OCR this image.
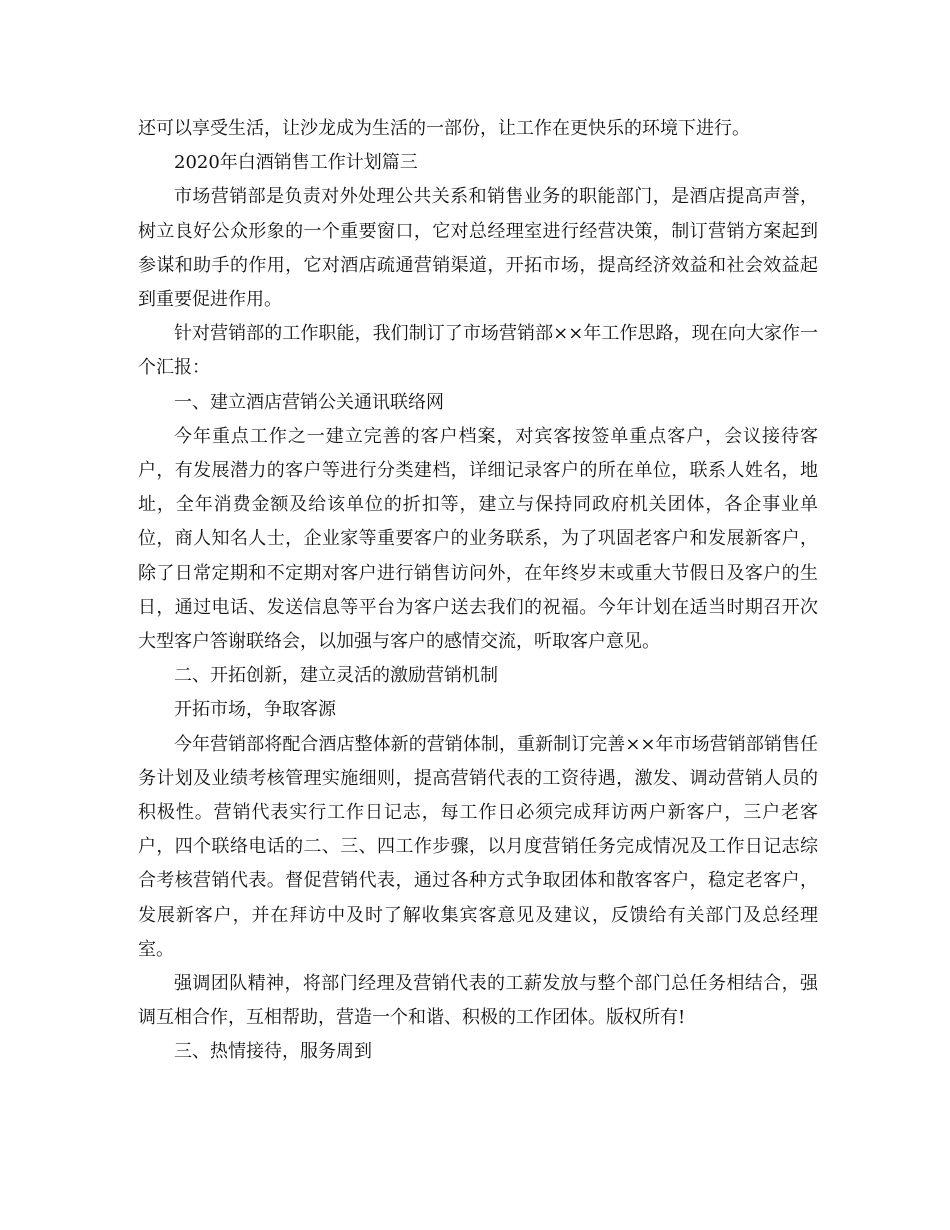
还可以享受生活，让沙龙成为生活的一部份，让工作在更快乐的环境下进行。

2020年白酒销售工作计划篇三

市场营销部是负责对外处理公共关系和销售业务的职能部门，是酒店提高声誉，树立良好公众形象的一个重要窗口，它对总经理室进行经营决策，制订营销方案起到参谋和助手的作用，它对酒店疏通营销渠道，开拓市场，提高经济效益和社会效益起到重要促进作用。

针对营销部的工作职能，我们制订了市场营销部××年工作思路，现在向大家作一个汇报：

一、建立酒店营销公关通讯联络网

今年重点工作之一建立完善的客户档案，对宾客按签单重点客户，会议接待客户，有发展潜力的客户等进行分类建档，详细记录客户的所在单位，联系人姓名，地址，全年消费金额及给该单位的折扣等，建立与保持同政府机关团体，各企事业单位，商人知名人士，企业家等重要客户的业务联系，为了巩固老客户和发展新客户，除了日常定期和不定期对客户进行销售访问外，在年终岁末或重大节假日及客户的生日，通过电话、发送信息等平台为客户送去我们的祝福。今年计划在适当时期召开次大型客户答谢联络会，以加强与客户的感情交流，听取客户意见。

二、开拓创新，建立灵活的激励营销机制

开拓市场，争取客源

今年营销部将配合酒店整体新的营销体制，重新制订完善××年市场营销部销售任务计划及业绩考核管理实施细则，提高营销代表的工资待遇，激发、调动营销人员的积极性。营销代表实行工作日记志，每工作日必须完成拜访两户新客户，三户老客户，四个联络电话的二、三、四工作步骤，以月度营销任务完成情况及工作日记志综合考核营销代表。督促营销代表，通过各种方式争取团体和散客客户，稳定老客户，发展新客户，并在拜访中及时了解收集宾客意见及建议，反馈给有关部门及总经理室。

强调团队精神，将部门经理及营销代表的工薪发放与整个部门总任务相结合，强调互相合作，互相帮助，营造一个和谐、积极的工作团体。版权所有!

三、热情接待，服务周到
